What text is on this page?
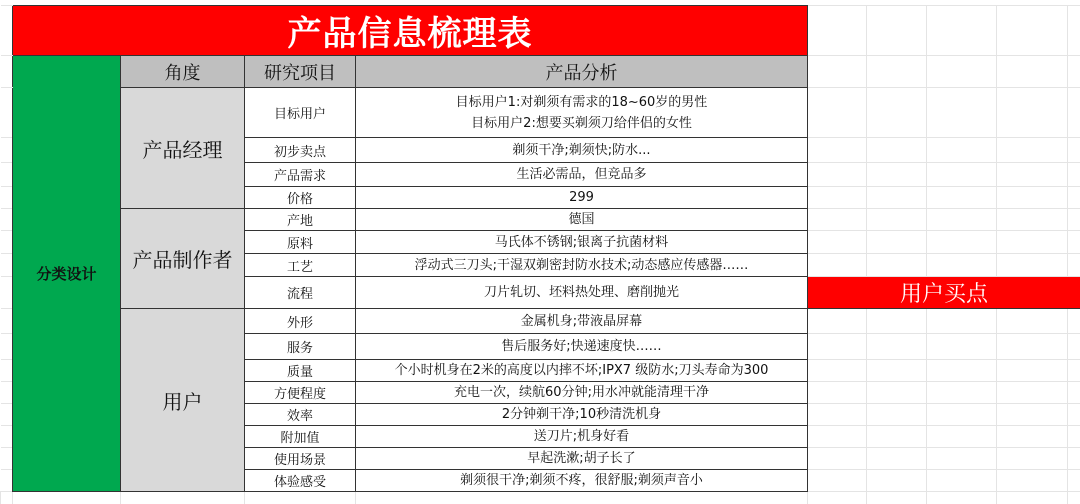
	产品信息梳理表								
	分类设计	角度	研究项目	产品分析					
		产品经理	目标用户	目标用户1:对剃须有需求的18~60岁的男性
目标用户2:想要买剃须刀给伴侣的女性					

			初步卖点	剃须干净;剃须快;防水...					

			产品需求	生活必需品，但竞品多					

			价格	299					

		产品制作者	产地	德国					

			原料	马氏体不锈钢;银离子抗菌材料					

			工艺	浮动式三刀头;干湿双剃密封防水技术;动态感应传感器……					

			流程	刀片轧切、坯料热处理、磨削抛光	用户买点				
		用户	外形	金属机身;带液晶屏幕					

			服务	售后服务好;快递速度快……					

			质量	个小时机身在2米的高度以内摔不坏;IPX7 级防水;刀头寿命为300					

			方便程度	充电一次，续航60分钟;用水冲就能清理干净					

			效率	2分钟剃干净;10秒清洗机身					

			附加值	送刀片;机身好看					

			使用场景	早起洗漱;胡子长了					

			体验感受	剃须很干净;剃须不疼，很舒服;剃须声音小					
